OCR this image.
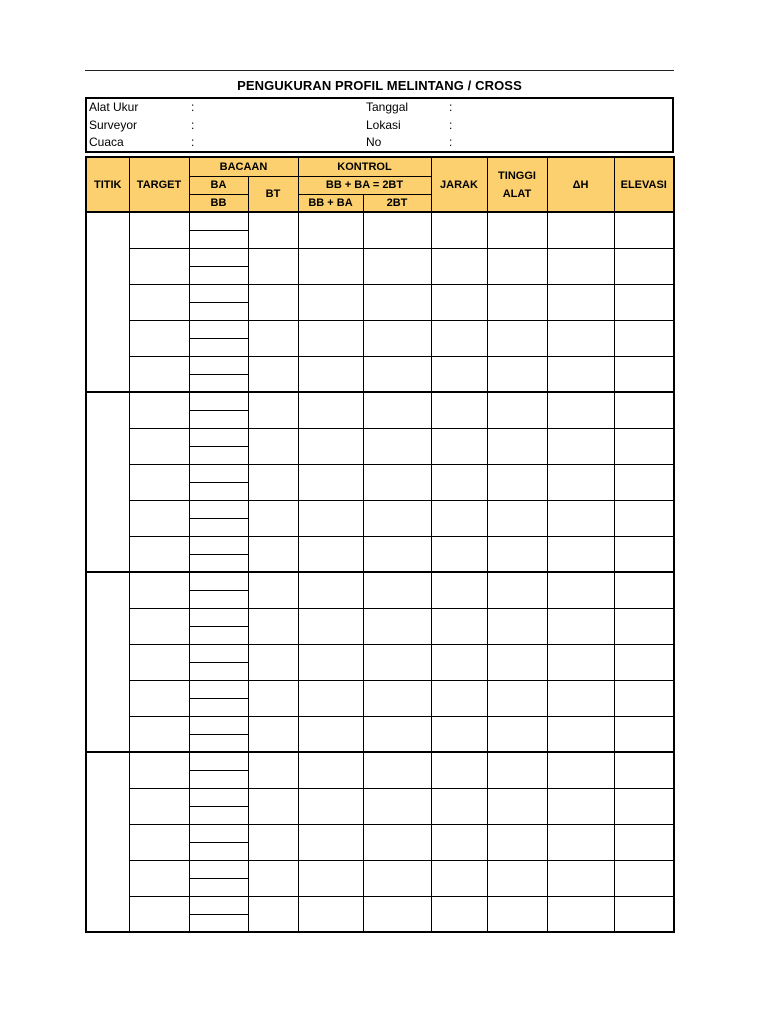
PENGUKURAN PROFIL MELINTANG / CROSS
Alat Ukur	:
Surveyor	:
Cuaca	:
Tanggal	:
Lokasi	:
No	:
TITIK	TARGET	BACAAN		KONTROL		JARAK	TINGGI ALAT	ΔH	ELEVASI
		BA	BT	BB + BA = 2BT					
		BB		BB + BA	2BT				
